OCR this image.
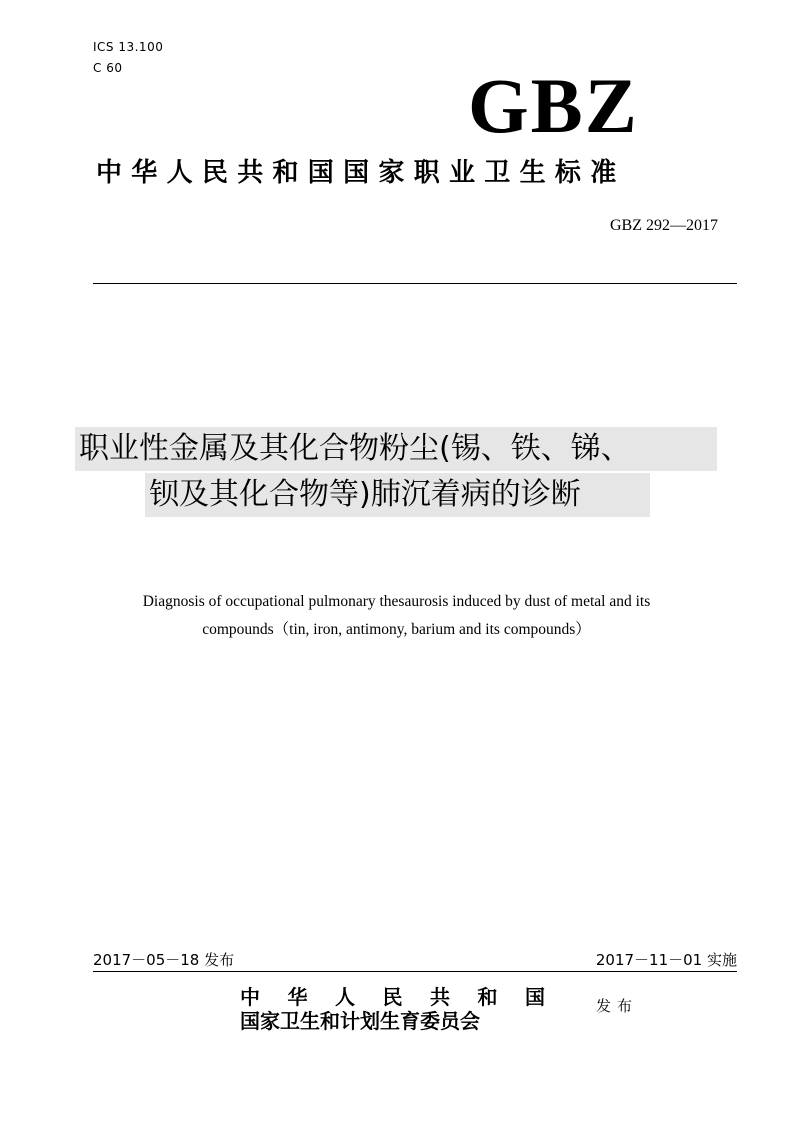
ICS 13.100
C 60	GBZ
中华人民共和国国家职业卫生标准
GBZ 292—2017
职业性金属及其化合物粉尘(锡、铁、锑、
钡及其化合物等)肺沉着病的诊断
Diagnosis of occupational pulmonary thesaurosis induced by dust of metal and its
compounds（tin, iron, antimony, barium and its compounds）
2017－05－18 发布	2017－11－01 实施
中华人民共和国
国家卫生和计划生育委员会
发布
